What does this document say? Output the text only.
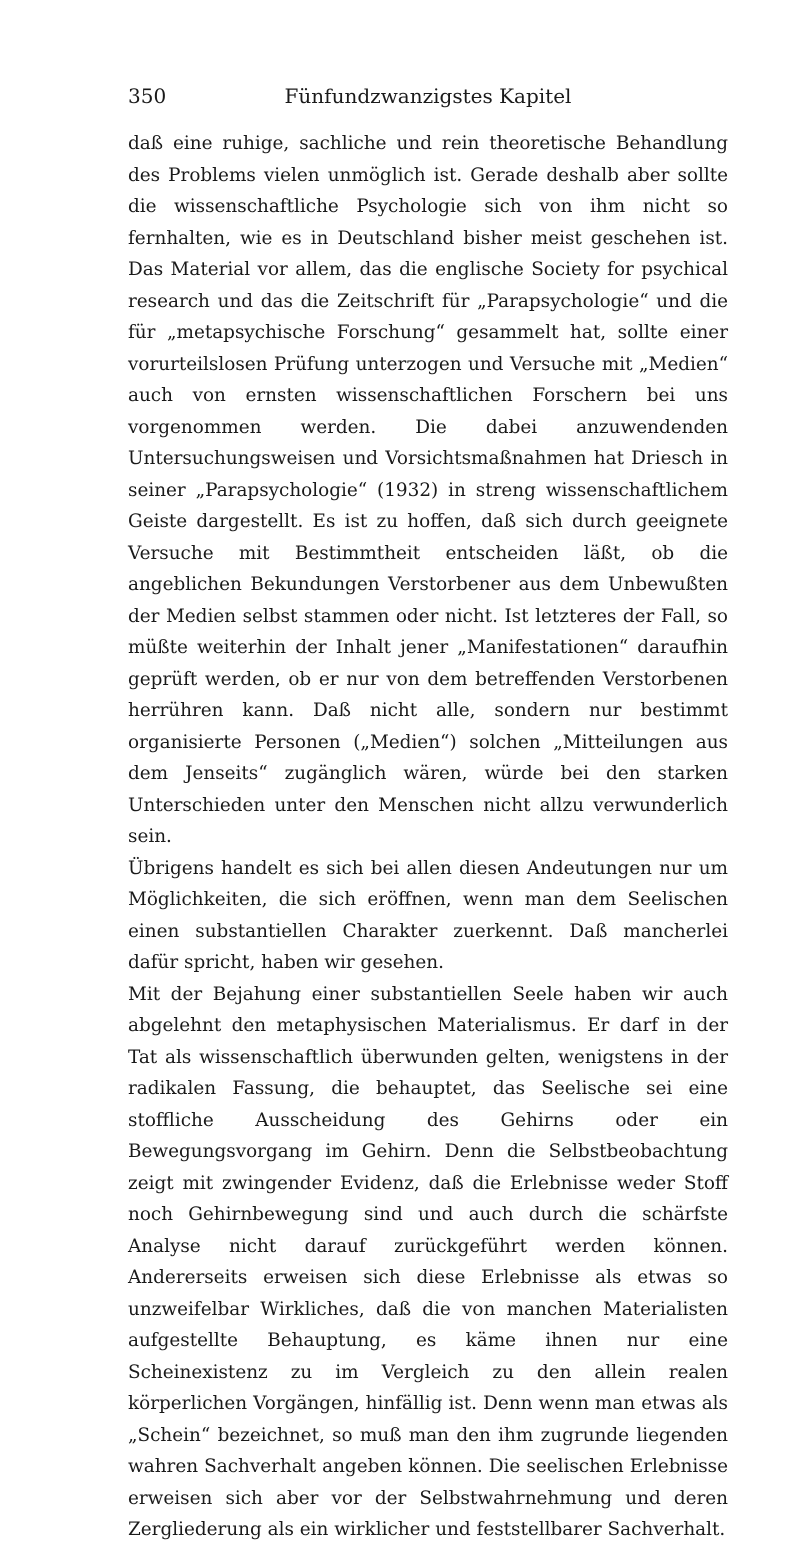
350	Fünfundzwanzigstes Kapitel

daß eine ruhige, sachliche und rein theoretische Behandlung des Problems vielen unmöglich ist. Gerade deshalb aber sollte die wissenschaftliche Psychologie sich von ihm nicht so fernhalten, wie es in Deutschland bisher meist geschehen ist. Das Material vor allem, das die englische Society for psychical research und das die Zeitschrift für „Parapsychologie“ und die für „metapsychische Forschung“ gesammelt hat, sollte einer vorurteilslosen Prüfung unterzogen und Versuche mit „Medien“ auch von ernsten wissenschaftlichen Forschern bei uns vorgenommen werden. Die dabei anzuwendenden Untersuchungsweisen und Vorsichtsmaßnahmen hat Driesch in seiner „Parapsychologie“ (1932) in streng wissenschaftlichem Geiste dargestellt. Es ist zu hoffen, daß sich durch geeignete Versuche mit Bestimmtheit entscheiden läßt, ob die angeblichen Bekundungen Verstorbener aus dem Unbewußten der Medien selbst stammen oder nicht. Ist letzteres der Fall, so müßte weiterhin der Inhalt jener „Manifestationen“ daraufhin geprüft werden, ob er nur von dem betreffenden Verstorbenen herrühren kann. Daß nicht alle, sondern nur bestimmt organisierte Personen („Medien“) solchen „Mitteilungen aus dem Jenseits“ zugänglich wären, würde bei den starken Unterschieden unter den Menschen nicht allzu verwunderlich sein.

Übrigens handelt es sich bei allen diesen Andeutungen nur um Möglichkeiten, die sich eröffnen, wenn man dem Seelischen einen substantiellen Charakter zuerkennt. Daß mancherlei dafür spricht, haben wir gesehen.

Mit der Bejahung einer substantiellen Seele haben wir auch abgelehnt den metaphysischen Materialismus. Er darf in der Tat als wissenschaftlich überwunden gelten, wenigstens in der radikalen Fassung, die behauptet, das Seelische sei eine stoffliche Ausscheidung des Gehirns oder ein Bewegungsvorgang im Gehirn. Denn die Selbstbeobachtung zeigt mit zwingender Evidenz, daß die Erlebnisse weder Stoff noch Gehirnbewegung sind und auch durch die schärfste Analyse nicht darauf zurückgeführt werden können. Andererseits erweisen sich diese Erlebnisse als etwas so unzweifelbar Wirkliches, daß die von manchen Materialisten aufgestellte Behauptung, es käme ihnen nur eine Scheinexistenz zu im Vergleich zu den allein realen körperlichen Vorgängen, hinfällig ist. Denn wenn man etwas als „Schein“ bezeichnet, so muß man den ihm zugrunde liegenden wahren Sachverhalt angeben können. Die seelischen Erlebnisse erweisen sich aber vor der Selbstwahrnehmung und deren Zergliederung als ein wirklicher und feststellbarer Sachverhalt.
